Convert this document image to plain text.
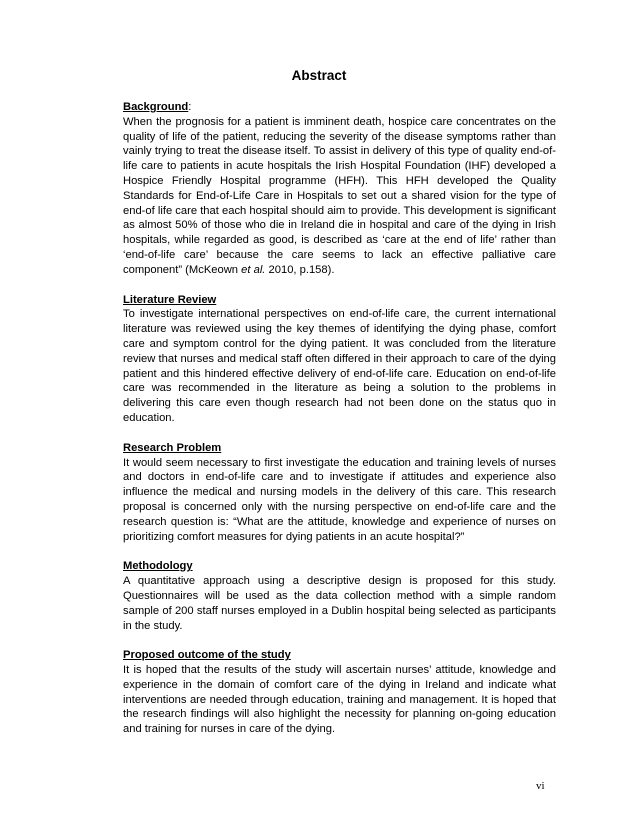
Abstract
Background:
When the prognosis for a patient is imminent death, hospice care concentrates on the quality of life of the patient, reducing the severity of the disease symptoms rather than vainly trying to treat the disease itself. To assist in delivery of this type of quality end-of-life care to patients in acute hospitals the Irish Hospital Foundation (IHF) developed a Hospice Friendly Hospital programme (HFH). This HFH developed the Quality Standards for End-of-Life Care in Hospitals to set out a shared vision for the type of end-of life care that each hospital should aim to provide. This development is significant as almost 50% of those who die in Ireland die in hospital and care of the dying in Irish hospitals, while regarded as good, is described as ‘care at the end of life’ rather than ‘end-of-life care’ because the care seems to lack an effective palliative care component” (McKeown et al. 2010, p.158).
Literature Review
To investigate international perspectives on end-of-life care, the current international literature was reviewed using the key themes of identifying the dying phase, comfort care and symptom control for the dying patient. It was concluded from the literature review that nurses and medical staff often differed in their approach to care of the dying patient and this hindered effective delivery of end-of-life care. Education on end-of-life care was recommended in the literature as being a solution to the problems in delivering this care even though research had not been done on the status quo in education.
Research Problem
It would seem necessary to first investigate the education and training levels of nurses and doctors in end-of-life care and to investigate if attitudes and experience also influence the medical and nursing models in the delivery of this care. This research proposal is concerned only with the nursing perspective on end-of-life care and the research question is: “What are the attitude, knowledge and experience of nurses on prioritizing comfort measures for dying patients in an acute hospital?”
Methodology
A quantitative approach using a descriptive design is proposed for this study. Questionnaires will be used as the data collection method with a simple random sample of 200 staff nurses employed in a Dublin hospital being selected as participants in the study.
Proposed outcome of the study
It is hoped that the results of the study will ascertain nurses’ attitude, knowledge and experience in the domain of comfort care of the dying in Ireland and indicate what interventions are needed through education, training and management. It is hoped that the research findings will also highlight the necessity for planning on-going education and training for nurses in care of the dying.
vi
